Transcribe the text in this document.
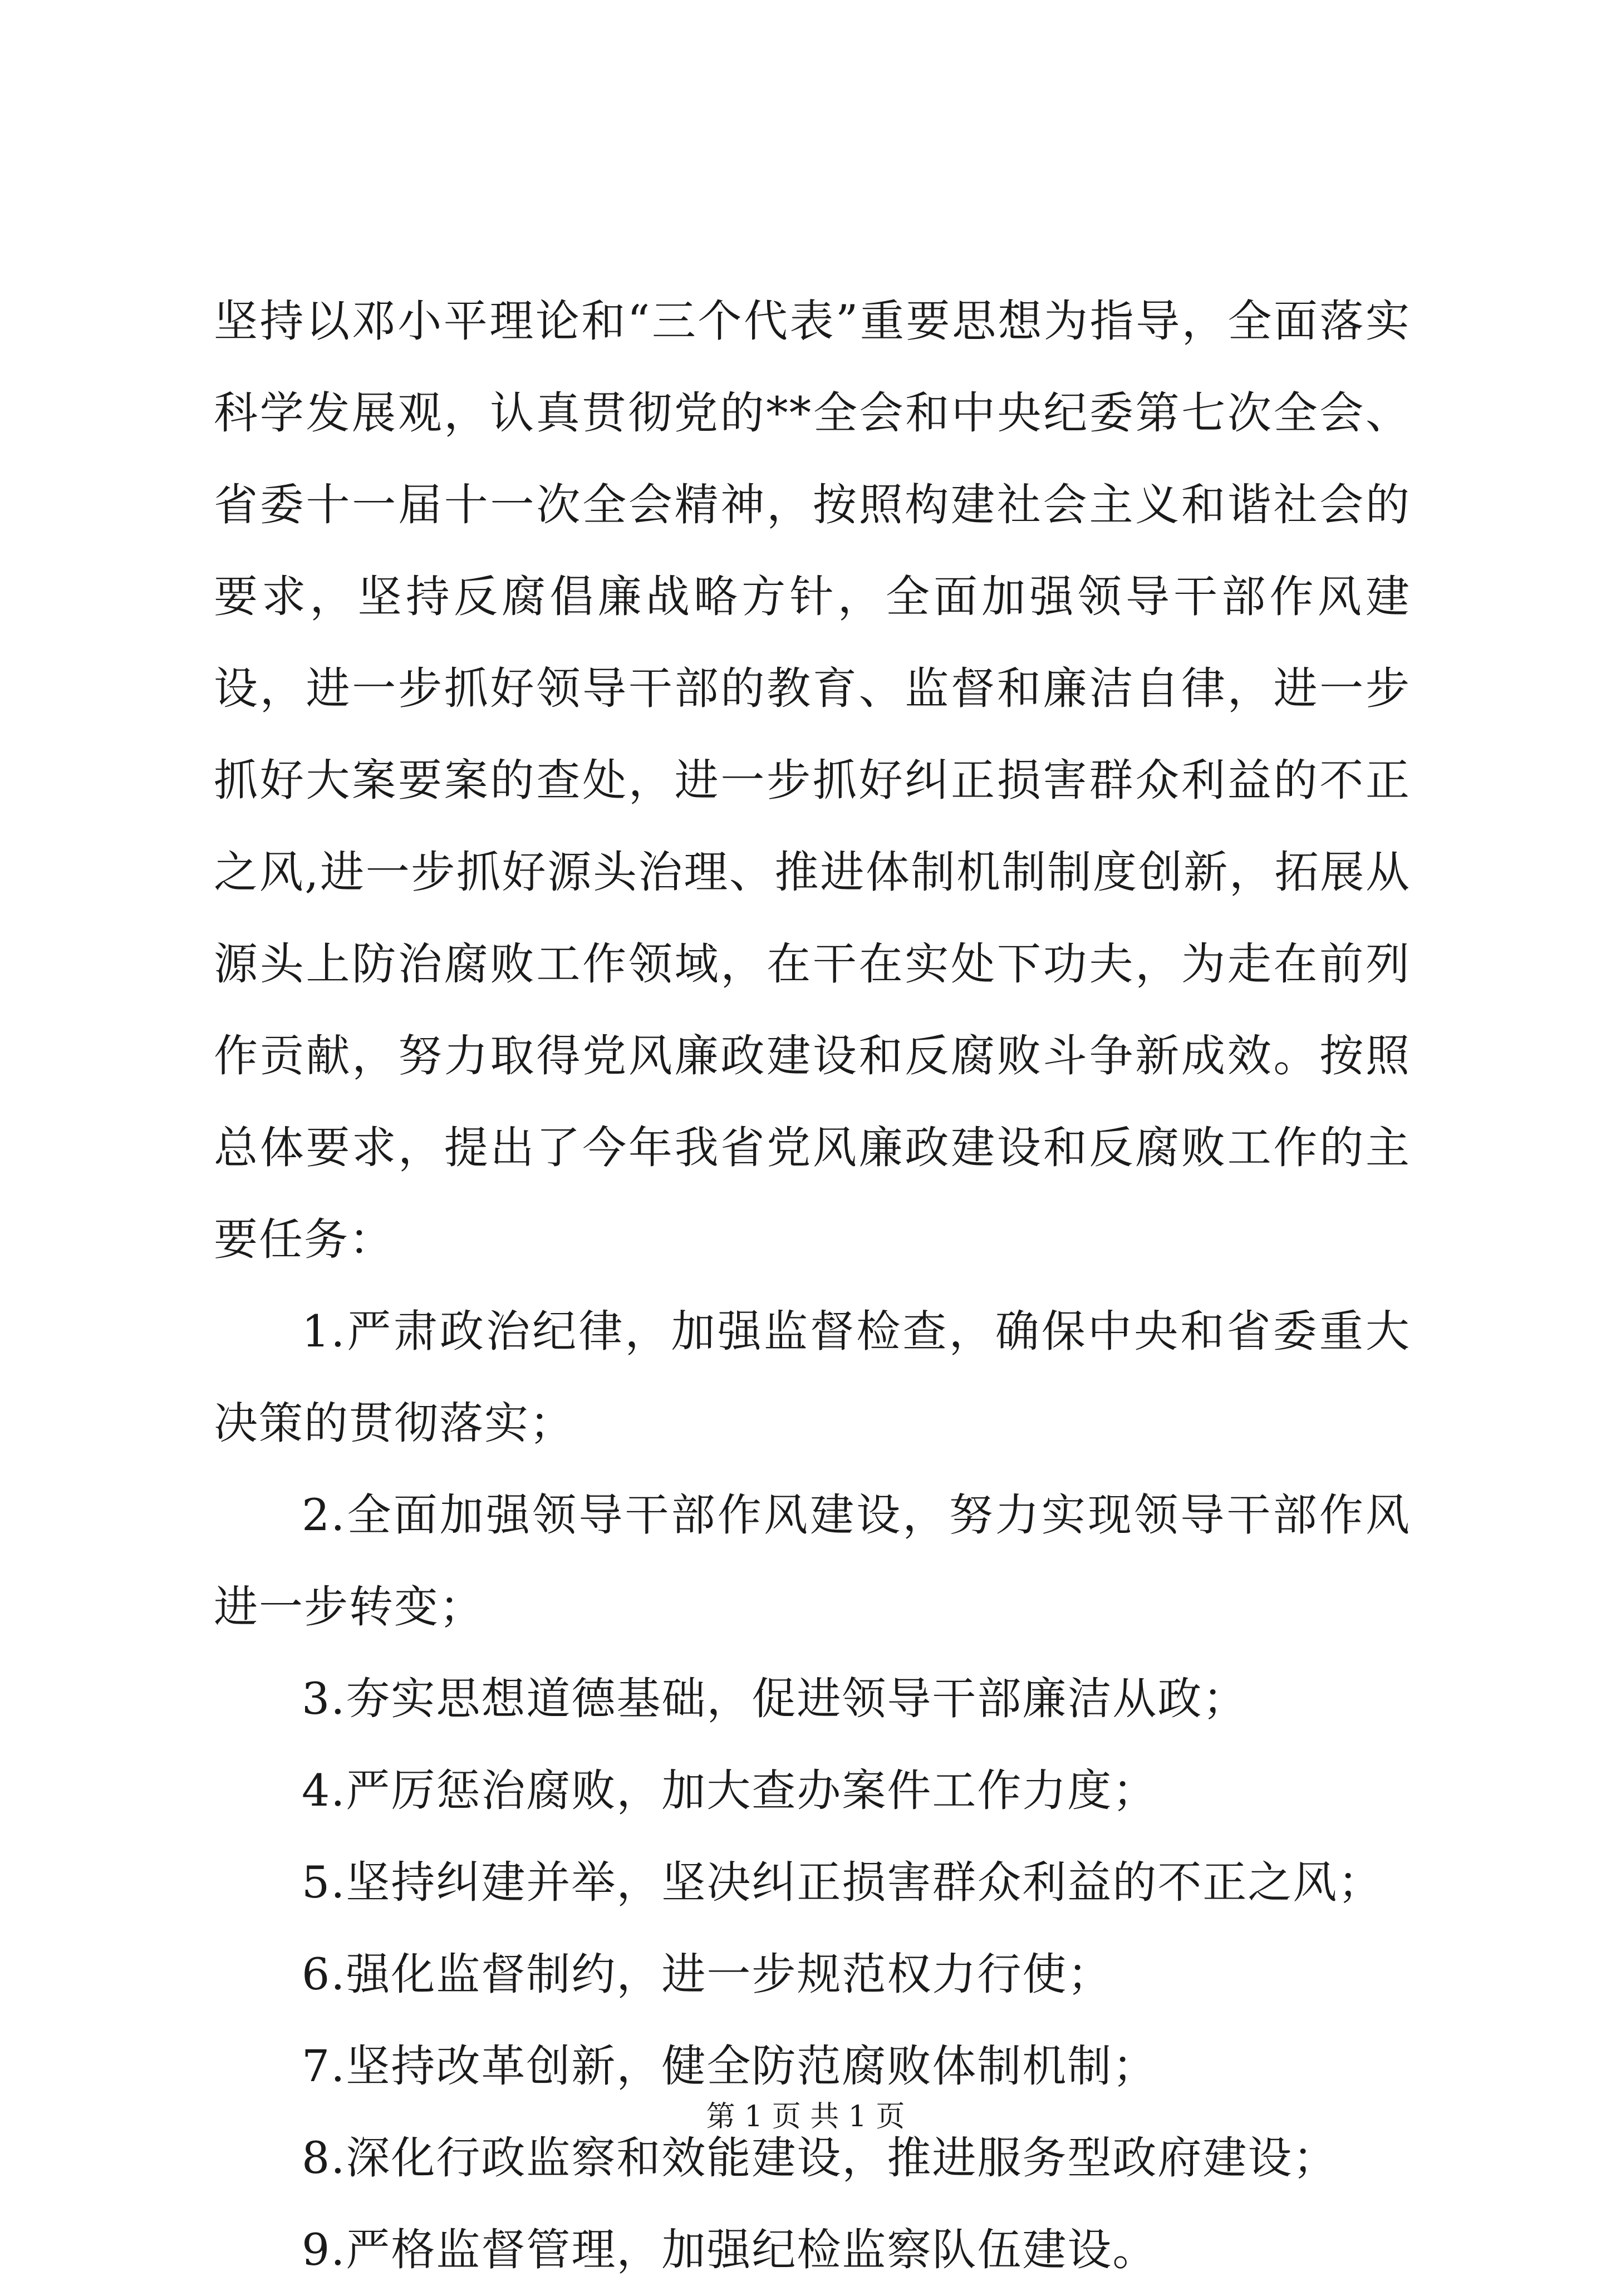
坚持以邓小平理论和“三个代表”重要思想为指导，全面落实科学发展观，认真贯彻党的**全会和中央纪委第七次全会、省委十一届十一次全会精神，按照构建社会主义和谐社会的要求，坚持反腐倡廉战略方针，全面加强领导干部作风建设，进一步抓好领导干部的教育、监督和廉洁自律，进一步抓好大案要案的查处，进一步抓好纠正损害群众利益的不正之风,进一步抓好源头治理、推进体制机制制度创新，拓展从源头上防治腐败工作领域，在干在实处下功夫，为走在前列作贡献，努力取得党风廉政建设和反腐败斗争新成效。按照总体要求，提出了今年我省党风廉政建设和反腐败工作的主要任务：

1.严肃政治纪律，加强监督检查，确保中央和省委重大决策的贯彻落实；

2.全面加强领导干部作风建设，努力实现领导干部作风进一步转变；

3.夯实思想道德基础，促进领导干部廉洁从政；

4.严厉惩治腐败，加大查办案件工作力度；

5.坚持纠建并举，坚决纠正损害群众利益的不正之风；

6.强化监督制约，进一步规范权力行使；

7.坚持改革创新，健全防范腐败体制机制；

8.深化行政监察和效能建设，推进服务型政府建设；

9.严格监督管理，加强纪检监察队伍建设。

第 1 页 共 1 页
